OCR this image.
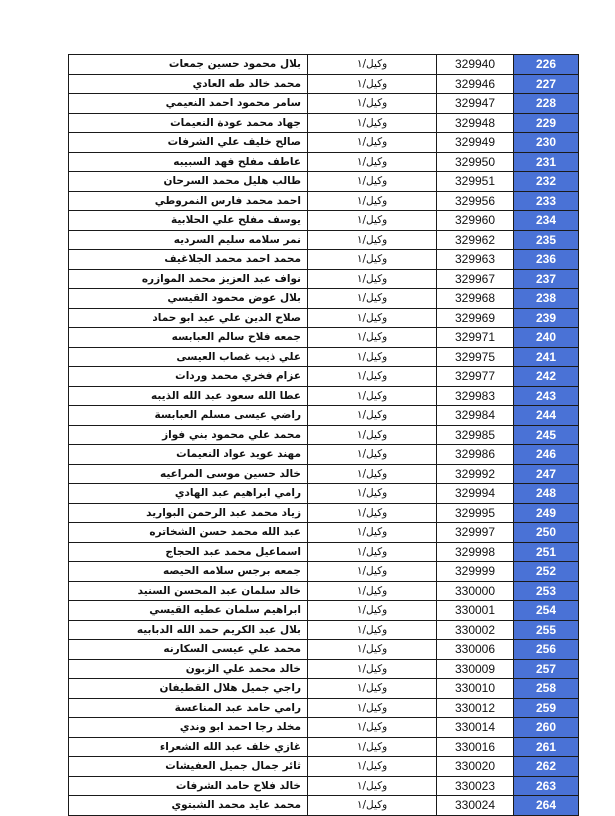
بلال محمود حسين جمعات	وكيل/١	329940	226
محمد خالد طه العادي	وكيل/١	329946	227
سامر محمود احمد النعيمي	وكيل/١	329947	228
جهاد محمد عودة النعيمات	وكيل/١	329948	229
صالح خليف علي الشرفات	وكيل/١	329949	230
عاطف مفلح فهد السبيبه	وكيل/١	329950	231
طالب هليل محمد السرحان	وكيل/١	329951	232
احمد محمد فارس النمروطي	وكيل/١	329956	233
يوسف مفلح علي الحلابية	وكيل/١	329960	234
نمر سلامه سليم السرديه	وكيل/١	329962	235
محمد احمد محمد الجلاغيف	وكيل/١	329963	236
نواف عبد العزيز محمد الموازره	وكيل/١	329967	237
بلال عوض محمود القيسي	وكيل/١	329968	238
صلاح الدين علي عيد ابو حماد	وكيل/١	329969	239
جمعه فلاح سالم العبابسه	وكيل/١	329971	240
علي ذيب غصاب العيسى	وكيل/١	329975	241
عزام فخري محمد وردات	وكيل/١	329977	242
عطا الله سعود عبد الله الذيبه	وكيل/١	329983	243
راضي عيسى مسلم العبابسة	وكيل/١	329984	244
محمد علي محمود بني فواز	وكيل/١	329985	245
مهند عويد عواد النعيمات	وكيل/١	329986	246
خالد حسين موسى المراعيه	وكيل/١	329992	247
رامي ابراهيم عبد الهادي	وكيل/١	329994	248
زياد محمد عبد الرحمن البواريد	وكيل/١	329995	249
عبد الله محمد حسن الشخاتره	وكيل/١	329997	250
اسماعيل محمد عبد الحجاج	وكيل/١	329998	251
جمعه برجس سلامه الحيصه	وكيل/١	329999	252
خالد سلمان عبد المحسن السنيد	وكيل/١	330000	253
ابراهيم سلمان عطيه القيسي	وكيل/١	330001	254
بلال عبد الكريم حمد الله الدبابيه	وكيل/١	330002	255
محمد علي عيسى السكارنه	وكيل/١	330006	256
خالد محمد علي الزبون	وكيل/١	330009	257
راجي جميل هلال القطيفان	وكيل/١	330010	258
رامي حامد عبد المناعسة	وكيل/١	330012	259
مخلد رجا احمد ابو وندي	وكيل/١	330014	260
غازي خلف عبد الله الشعراء	وكيل/١	330016	261
ثائر جمال جميل العفيشات	وكيل/١	330020	262
خالد فلاح حامد الشرفات	وكيل/١	330023	263
محمد عايد محمد الشبتوي	وكيل/١	330024	264
